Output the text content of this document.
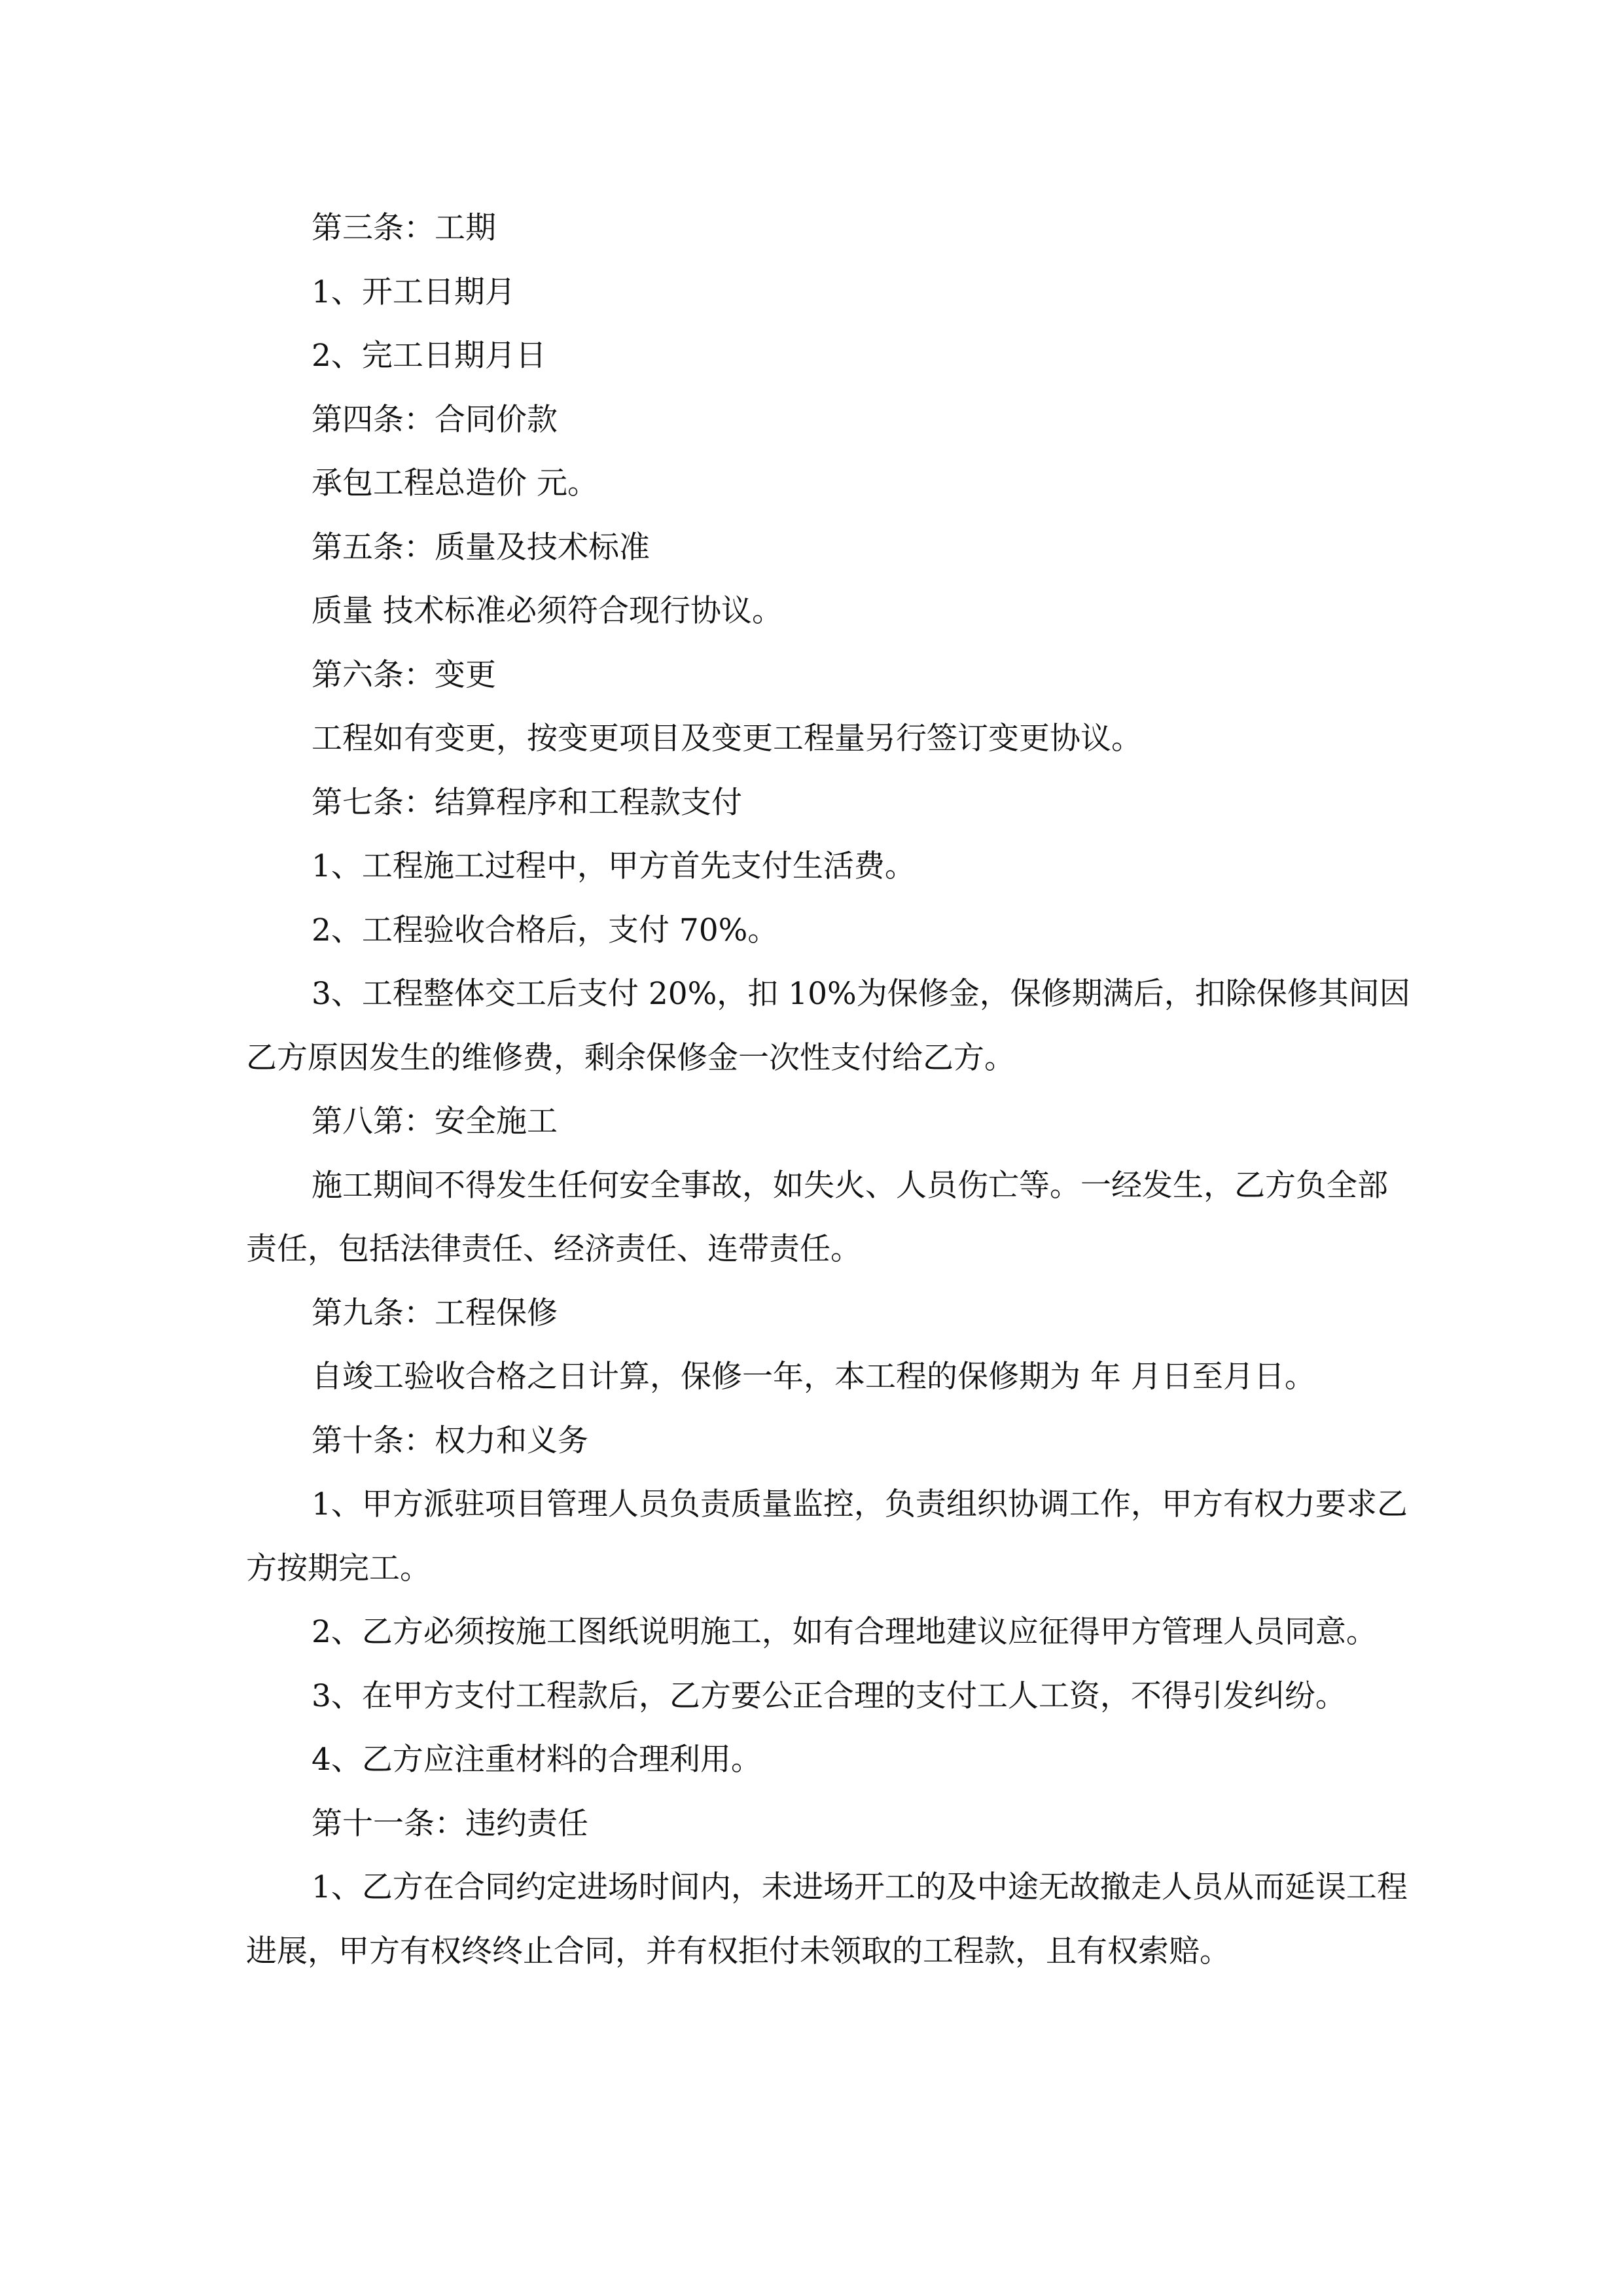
第三条：工期

1、开工日期月

2、完工日期月日

第四条：合同价款

承包工程总造价 元。

第五条：质量及技术标准

质量 技术标准必须符合现行协议。

第六条：变更

工程如有变更，按变更项目及变更工程量另行签订变更协议。

第七条：结算程序和工程款支付

1、工程施工过程中，甲方首先支付生活费。

2、工程验收合格后，支付 70%。

3、工程整体交工后支付 20%，扣 10%为保修金，保修期满后，扣除保修其间因乙方原因发生的维修费，剩余保修金一次性支付给乙方。

第八第：安全施工

施工期间不得发生任何安全事故，如失火、人员伤亡等。一经发生，乙方负全部责任，包括法律责任、经济责任、连带责任。

第九条：工程保修

自竣工验收合格之日计算，保修一年，本工程的保修期为 年 月日至月日。

第十条：权力和义务

1、甲方派驻项目管理人员负责质量监控，负责组织协调工作，甲方有权力要求乙方按期完工。

2、乙方必须按施工图纸说明施工，如有合理地建议应征得甲方管理人员同意。

3、在甲方支付工程款后，乙方要公正合理的支付工人工资，不得引发纠纷。

4、乙方应注重材料的合理利用。

第十一条：违约责任

1、乙方在合同约定进场时间内，未进场开工的及中途无故撤走人员从而延误工程进展，甲方有权终终止合同，并有权拒付未领取的工程款，且有权索赔。
